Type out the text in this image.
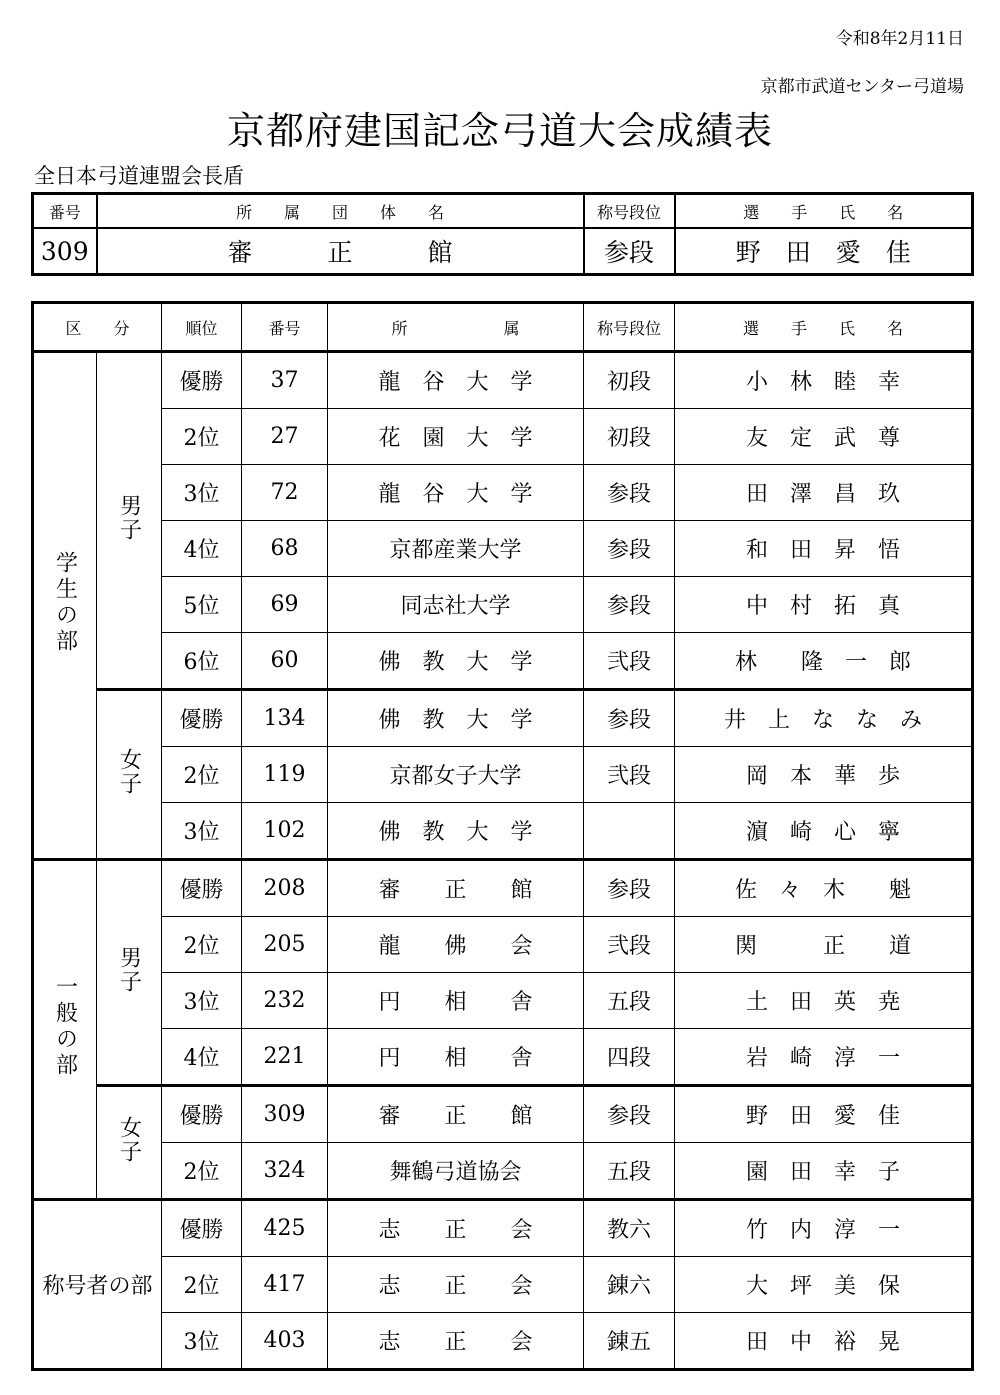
令和8年2月11日
京都市武道センター弓道場
京都府建国記念弓道大会成績表
全日本弓道連盟会長盾
番号	所　　属　　団　　体　　名	称号段位	選　　手　　氏　　名
309	審　　　正　　　館	参段	野　田　愛　佳
区　　分		順位	番号	所　　　　　　属	称号段位	選　　手　　氏　　名
学生の部	男子	優勝	37	龍　谷　大　学	初段	小　林　睦　幸
		2位	27	花　園　大　学	初段	友　定　武　尊
		3位	72	龍　谷　大　学	参段	田　澤　昌　玖
		4位	68	京都産業大学	参段	和　田　昇　悟
		5位	69	同志社大学	参段	中　村　拓　真
		6位	60	佛　教　大　学	弐段	林　　隆　一　郎
	女子	優勝	134	佛　教　大　学	参段	井　上　な　な　み
		2位	119	京都女子大学	弐段	岡　本　華　歩
		3位	102	佛　教　大　学		濵　崎　心　寧
一般の部	男子	優勝	208	審　　正　　館	参段	佐　々　木　　魁
		2位	205	龍　　佛　　会	弐段	関　　　正　　道
		3位	232	円　　相　　舎	五段	土　田　英　尭
		4位	221	円　　相　　舎	四段	岩　崎　淳　一
	女子	優勝	309	審　　正　　館	参段	野　田　愛　佳
		2位	324	舞鶴弓道協会	五段	園　田　幸　子
称号者の部		優勝	425	志　　正　　会	教六	竹　内　淳　一
		2位	417	志　　正　　会	錬六	大　坪　美　保
		3位	403	志　　正　　会	錬五	田　中　裕　晃
